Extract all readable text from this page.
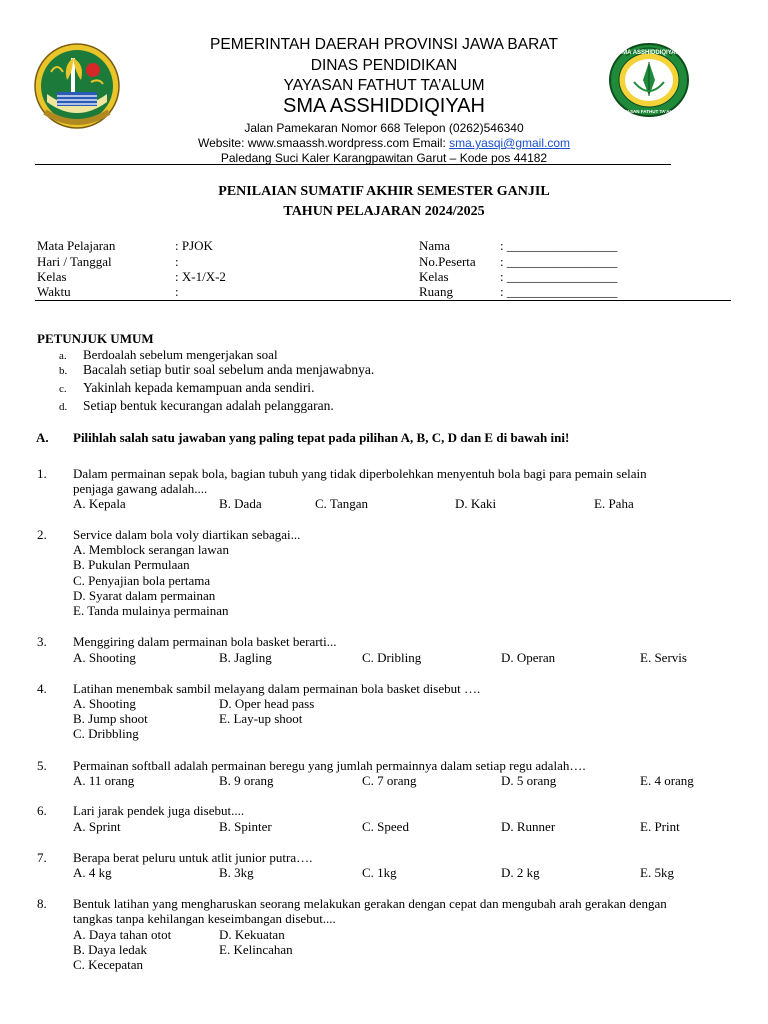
SMA ASSHIDDIQIYAH
YAYASAN FATHUT TA'ALUM
PEMERINTAH DAERAH PROVINSI JAWA BARAT
DINAS PENDIDIKAN
YAYASAN FATHUT TA’ALUM
SMA ASSHIDDIQIYAH
Jalan Pamekaran Nomor 668 Telepon (0262)546340
Website: www.smaassh.wordpress.com Email: sma.yasqi@gmail.com
Paledang Suci Kaler Karangpawitan Garut – Kode pos 44182
PENILAIAN SUMATIF AKHIR SEMESTER GANJIL
TAHUN PELAJARAN 2024/2025
Mata Pelajaran	: PJOK
Hari / Tanggal	:
Kelas	: X-1/X-2
Waktu	:
Nama	: _________________
No.Peserta : _________________
Kelas	: _________________
Ruang	: _________________
PETUNJUK UMUM
a. Berdoalah sebelum mengerjakan soal
b. Bacalah setiap butir soal sebelum anda menjawabnya.
c. Yakinlah kepada kemampuan anda sendiri.
d. Setiap bentuk kecurangan adalah pelanggaran.
A. Pilihlah salah satu jawaban yang paling tepat pada pilihan A, B, C, D dan E di bawah ini!
1. Dalam permainan sepak bola, bagian tubuh yang tidak diperbolehkan menyentuh bola bagi para pemain selain
penjaga gawang adalah....
A. Kepala	B. Dada	C. Tangan	D. Kaki	E. Paha
2. Service dalam bola voly diartikan sebagai...
A. Memblock serangan lawan
B. Pukulan Permulaan
C. Penyajian bola pertama
D. Syarat dalam permainan
E. Tanda mulainya permainan
3. Menggiring dalam permainan bola basket berarti...
A. Shooting	B. Jagling	C. Dribling	D. Operan	E. Servis
4. Latihan menembak sambil melayang dalam permainan bola basket disebut ….
A. Shooting	D. Oper head pass
B. Jump shoot	E. Lay-up shoot
C. Dribbling
5. Permainan softball adalah permainan beregu yang jumlah permainnya dalam setiap regu adalah….
A. 11 orang	B. 9 orang	C. 7 orang	D. 5 orang	E. 4 orang
6. Lari jarak pendek juga disebut....
A. Sprint	B. Spinter	C. Speed	D. Runner	E. Print
7. Berapa berat peluru untuk atlit junior putra….
A. 4 kg	B. 3kg	C. 1kg	D. 2 kg	E. 5kg
8. Bentuk latihan yang mengharuskan seorang melakukan gerakan dengan cepat dan mengubah arah gerakan dengan
tangkas tanpa kehilangan keseimbangan disebut....
A. Daya tahan otot	D. Kekuatan
B. Daya ledak	E. Kelincahan
C. Kecepatan
